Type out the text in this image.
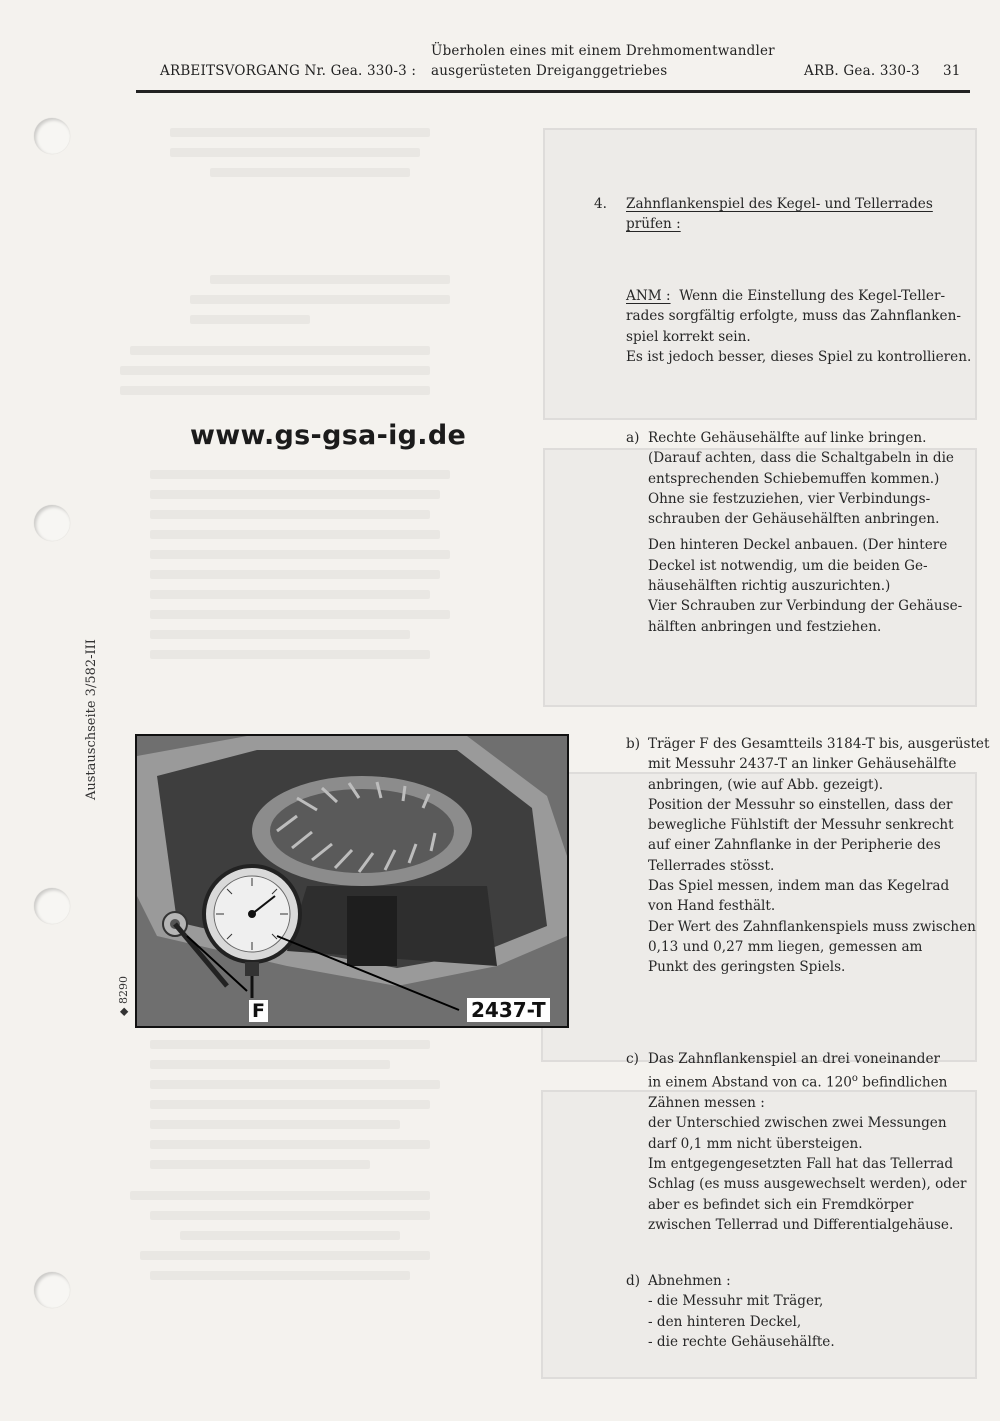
ARBEITSVORGANG Nr. Gea. 330-3 :
Überholen eines mit einem Drehmomentwandler
ausgerüsteten Dreiganggetriebes	ARB. Gea. 330-3 31
www.gs-gsa-ig.de
Austauschseite 3/582-III
◆ 8290
F	2437-T
4. Zahnflankenspiel des Kegel- und Tellerrades
prüfen :
ANM : Wenn die Einstellung des Kegel-Teller-
rades sorgfältig erfolgte, muss das Zahnflanken-
spiel korrekt sein.
Es ist jedoch besser, dieses Spiel zu kontrollieren.
a) Rechte Gehäusehälfte auf linke bringen.
(Darauf achten, dass die Schaltgabeln in die
entsprechenden Schiebemuffen kommen.)
Ohne sie festzuziehen, vier Verbindungs-
schrauben der Gehäusehälften anbringen.
Den hinteren Deckel anbauen. (Der hintere
Deckel ist notwendig, um die beiden Ge-
häusehälften richtig auszurichten.)
Vier Schrauben zur Verbindung der Gehäuse-
hälften anbringen und festziehen.
b) Träger F des Gesamtteils 3184-T bis, ausgerüstet
mit Messuhr 2437-T an linker Gehäusehälfte
anbringen, (wie auf Abb. gezeigt).
Position der Messuhr so einstellen, dass der
bewegliche Fühlstift der Messuhr senkrecht
auf einer Zahnflanke in der Peripherie des
Tellerrades stösst.
Das Spiel messen, indem man das Kegelrad
von Hand festhält.
Der Wert des Zahnflankenspiels muss zwischen
0,13 und 0,27 mm liegen, gemessen am
Punkt des geringsten Spiels.
c) Das Zahnflankenspiel an drei voneinander
in einem Abstand von ca. 120$^o$ befindlichen
Zähnen messen :
der Unterschied zwischen zwei Messungen
darf 0,1 mm nicht übersteigen.
Im entgegengesetzten Fall hat das Tellerrad
Schlag (es muss ausgewechselt werden), oder
aber es befindet sich ein Fremdkörper
zwischen Tellerrad und Differentialgehäuse.
d) Abnehmen :
- die Messuhr mit Träger,
- den hinteren Deckel,
- die rechte Gehäusehälfte.
